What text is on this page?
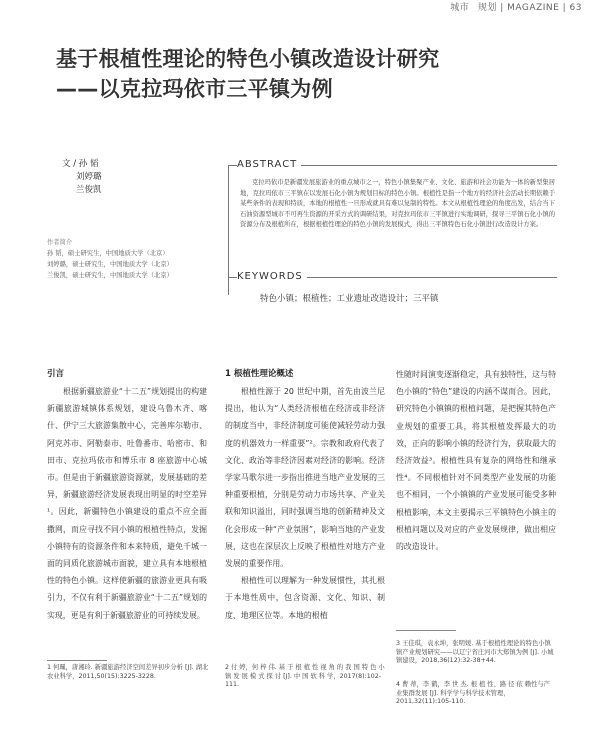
城市ㅤ规划 | MAGAZINE | 63
基于根植性理论的特色小镇改造设计研究
——以克拉玛依市三平镇为例
文 / 孙 韬
刘婷璐
兰俊凯
作者简介
孙 韬，硕士研究生，中国地质大学（北京）
刘婷璐，硕士研究生，中国地质大学（北京）
兰俊凯，硕士研究生，中国地质大学（北京）
ABSTRACT
克拉玛依市是新疆发展旅游业的重点城市之一，特色小镇集聚产业、文化、旅游和社会功能为一体的新型集居地，克拉玛依市三平镇在以发展石化小镇为规划目标的特色小镇。根植性是指一个地方的经济社会活动长期依赖于某些条件的表现和特质，本地的根植性一旦形成就具有难以复制的特性。本文从根植性理论的角度出发，结合当下石油资源型城市不可再生资源的开采方式的调研结果，对克拉玛依市三平镇进行实地调研，探寻三平镇石化小镇的资源分布及根植所在，根据根植性理论的特色小镇的发展模式，得出三平镇特色石化小镇进行改造设计方案。
KEYWORDS
特色小镇；根植性；工业遗址改造设计；三平镇

引言

根据新疆旅游业“十二五”规划提出的构建新疆旅游城镇体系规划，建设乌鲁木齐、喀什、伊宁三大旅游集散中心，完善库尔勒市、阿克苏市、阿勒泰市、吐鲁番市、哈密市、和田市、克拉玛依市和博乐市 8 座旅游中心城市。但是由于新疆旅游资源就，发展基础的差异，新疆旅游经济发展表现出明显的时空差异¹。因此，新疆特色小镇建设的重点不应全面撒网，而应寻找不同小镇的根植性特点，发掘小镇特有的资源条件和本来特质，避免千城一面的同质化旅游城市面貌，建立具有本地根植性的特色小镇。这样使新疆的旅游业更具有吸引力，不仅有利于新疆旅游业“十二五”规划的实现，更是有利于新疆旅游业的可持续发展。

1 根植性理论概述

根植性源于 20 世纪中期，首先由波兰尼提出，他认为“人类经济根植在经济或非经济的制度当中，非经济制度可能使减轻劳动力强度的机器效力一样重要”²。宗教和政府代表了文化、政治等非经济因素对经济的影响。经济学家马歌尔进一步指出推进当地产业发展的三种重要根植，分别是劳动力市场共享、产业关联和知识溢出，同时强调当地的创新精神及文化会形成一种“产业氛围”，影响当地的产业发展，这也在深层次上反映了根植性对地方产业发展的重要作用。

根植性可以理解为一种发展惯性，其扎根于本地性质中，包含资源、文化、知识、制度、地理区位等。本地的根植

性随时间演变逐渐稳定，具有独特性，这与特色小镇的“特色”建设的内涵不谋而合。因此，研究特色小镇镇的根植问题，是把握其特色产业规划的重要工具，将其根植发挥最大的功效，正向的影响小镇的经济行为，获取最大的经济效益³。根植性具有复杂的网络性和继承性⁴。不同根植针对不同类型产业发展的功能也不相同，一个小镇镇的产业发展可能受多种根植影响，本文主要揭示三平镇特色小镇主的根植问题以及对应的产业发展规律，做出相应的改造设计。

1 何珮，唐湘玲. 新疆旅游经济空间差异初步分析 [J]. 湖北农业科学，2011,50(15):3225-3228.
2 付 婷，何 梓 伟. 基 于 根 植 性 视 角 的 我 国 特 色 小 镇 发 展 模 式 探 讨 [J]. 中 国 软 科 学，2017(8):102-111.
3 王佳琪，袁永坤，张明媛. 基于根植性理论的特色小镇镇产业规划研究——以辽宁省庄河市大郑镇为例 [J]. 小城镇建设，2018,36(12):32-38+44.
4 曹 蒂，李 鹤，李 世 杰. 根 植 性、路 径 依 赖性与产业集群发展 [J]. 科学学与科学技术管理，2011,32(11):105-110.
